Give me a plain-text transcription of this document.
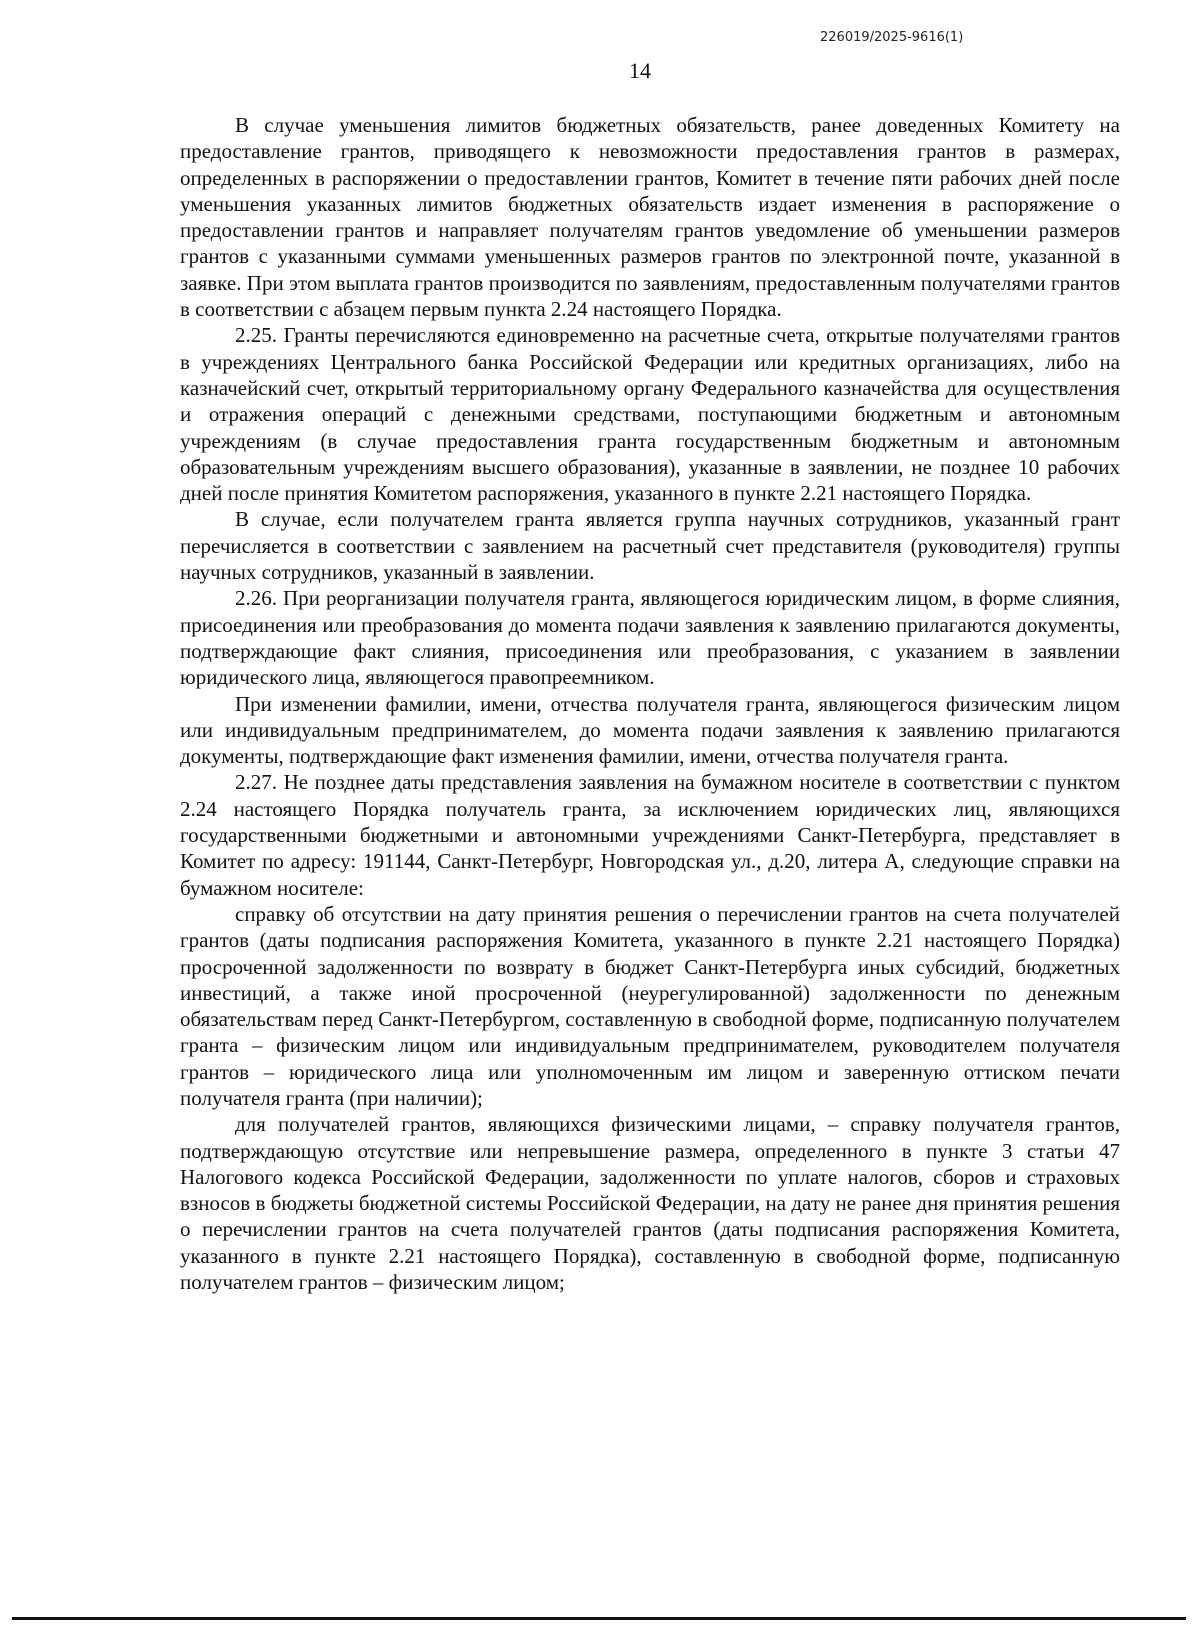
226019/2025-9616(1)
14

В случае уменьшения лимитов бюджетных обязательств, ранее доведенных Комитету на предоставление грантов, приводящего к невозможности предоставления грантов в размерах, определенных в распоряжении о предоставлении грантов, Комитет в течение пяти рабочих дней после уменьшения указанных лимитов бюджетных обязательств издает изменения в распоряжение о предоставлении грантов и направляет получателям грантов уведомление об уменьшении размеров грантов с указанными суммами уменьшенных размеров грантов по электронной почте, указанной в заявке. При этом выплата грантов производится по заявлениям, предоставленным получателями грантов в соответствии с абзацем первым пункта 2.24 настоящего Порядка.

2.25. Гранты перечисляются единовременно на расчетные счета, открытые получателями грантов в учреждениях Центрального банка Российской Федерации или кредитных организациях, либо на казначейский счет, открытый территориальному органу Федерального казначейства для осуществления и отражения операций с денежными средствами, поступающими бюджетным и автономным учреждениям (в случае предоставления гранта государственным бюджетным и автономным образовательным учреждениям высшего образования), указанные в заявлении, не позднее 10 рабочих дней после принятия Комитетом распоряжения, указанного в пункте 2.21 настоящего Порядка.

В случае, если получателем гранта является группа научных сотрудников, указанный грант перечисляется в соответствии с заявлением на расчетный счет представителя (руководителя) группы научных сотрудников, указанный в заявлении.

2.26. При реорганизации получателя гранта, являющегося юридическим лицом, в форме слияния, присоединения или преобразования до момента подачи заявления к заявлению прилагаются документы, подтверждающие факт слияния, присоединения или преобразования, с указанием в заявлении юридического лица, являющегося правопреемником.

При изменении фамилии, имени, отчества получателя гранта, являющегося физическим лицом или индивидуальным предпринимателем, до момента подачи заявления к заявлению прилагаются документы, подтверждающие факт изменения фамилии, имени, отчества получателя гранта.

2.27. Не позднее даты представления заявления на бумажном носителе в соответствии с пунктом 2.24 настоящего Порядка получатель гранта, за исключением юридических лиц, являющихся государственными бюджетными и автономными учреждениями Санкт-Петербурга, представляет в Комитет по адресу: 191144, Санкт-Петербург, Новгородская ул., д.20, литера А, следующие справки на бумажном носителе:

справку об отсутствии на дату принятия решения о перечислении грантов на счета получателей грантов (даты подписания распоряжения Комитета, указанного в пункте 2.21 настоящего Порядка) просроченной задолженности по возврату в бюджет Санкт-Петербурга иных субсидий, бюджетных инвестиций, а также иной просроченной (неурегулированной) задолженности по денежным обязательствам перед Санкт-Петербургом, составленную в свободной форме, подписанную получателем гранта – физическим лицом или индивидуальным предпринимателем, руководителем получателя грантов – юридического лица или уполномоченным им лицом и заверенную оттиском печати получателя гранта (при наличии);

для получателей грантов, являющихся физическими лицами, – справку получателя грантов, подтверждающую отсутствие или непревышение размера, определенного в пункте 3 статьи 47 Налогового кодекса Российской Федерации, задолженности по уплате налогов, сборов и страховых взносов в бюджеты бюджетной системы Российской Федерации, на дату не ранее дня принятия решения о перечислении грантов на счета получателей грантов (даты подписания распоряжения Комитета, указанного в пункте 2.21 настоящего Порядка), составленную в свободной форме, подписанную получателем грантов – физическим лицом;
